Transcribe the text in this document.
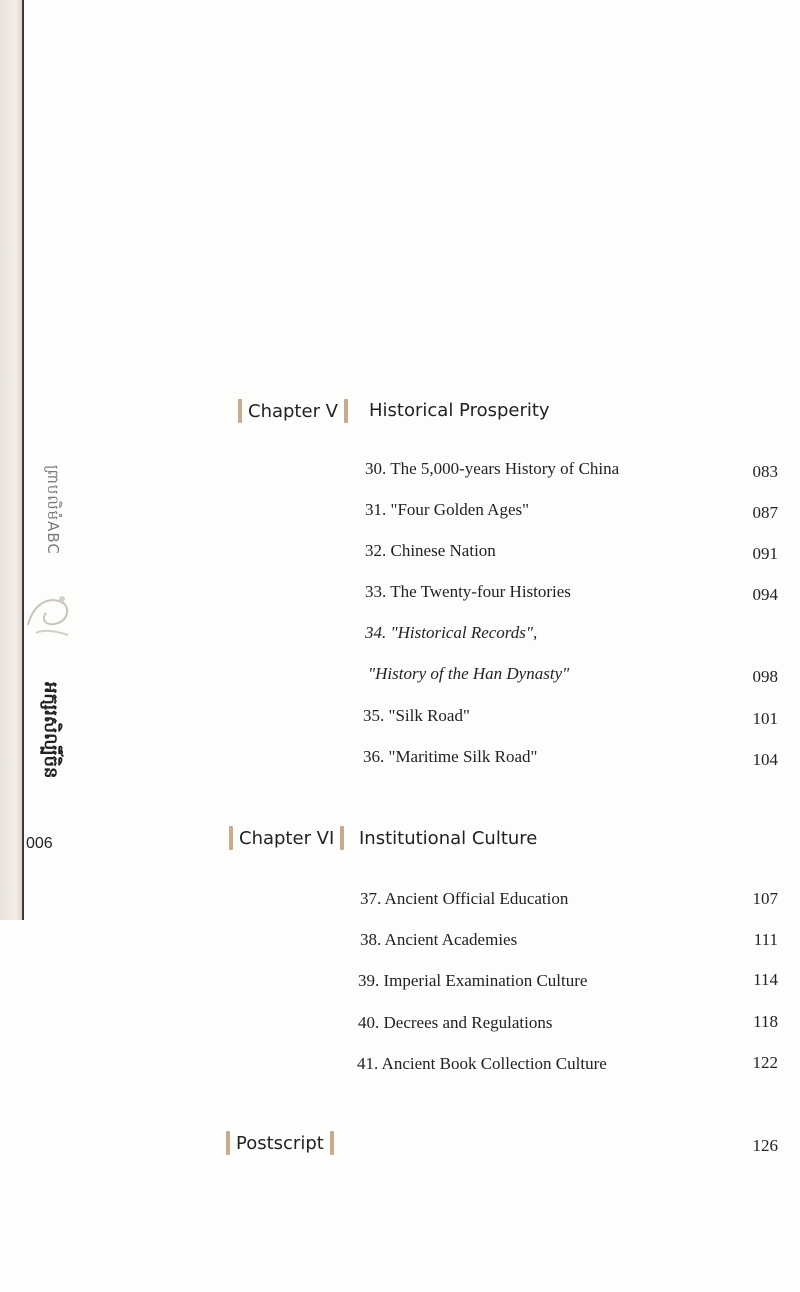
ព្រាបលិមំABC
អក្សរសិល្បិ៍ចិន
006
Chapter V	Historical Prosperity
30. The 5,000-years History of China	083
31. "Four Golden Ages"	087
32. Chinese Nation	091
33. The Twenty-four Histories	094
34. "Historical Records",
"History of the Han Dynasty"	098
35. "Silk Road"	101
36. "Maritime Silk Road"	104
Chapter VI	Institutional Culture
37. Ancient Official Education	107
38. Ancient Academies	111
39. Imperial Examination Culture	114
40. Decrees and Regulations	118
41. Ancient Book Collection Culture	122
Postscript	126
